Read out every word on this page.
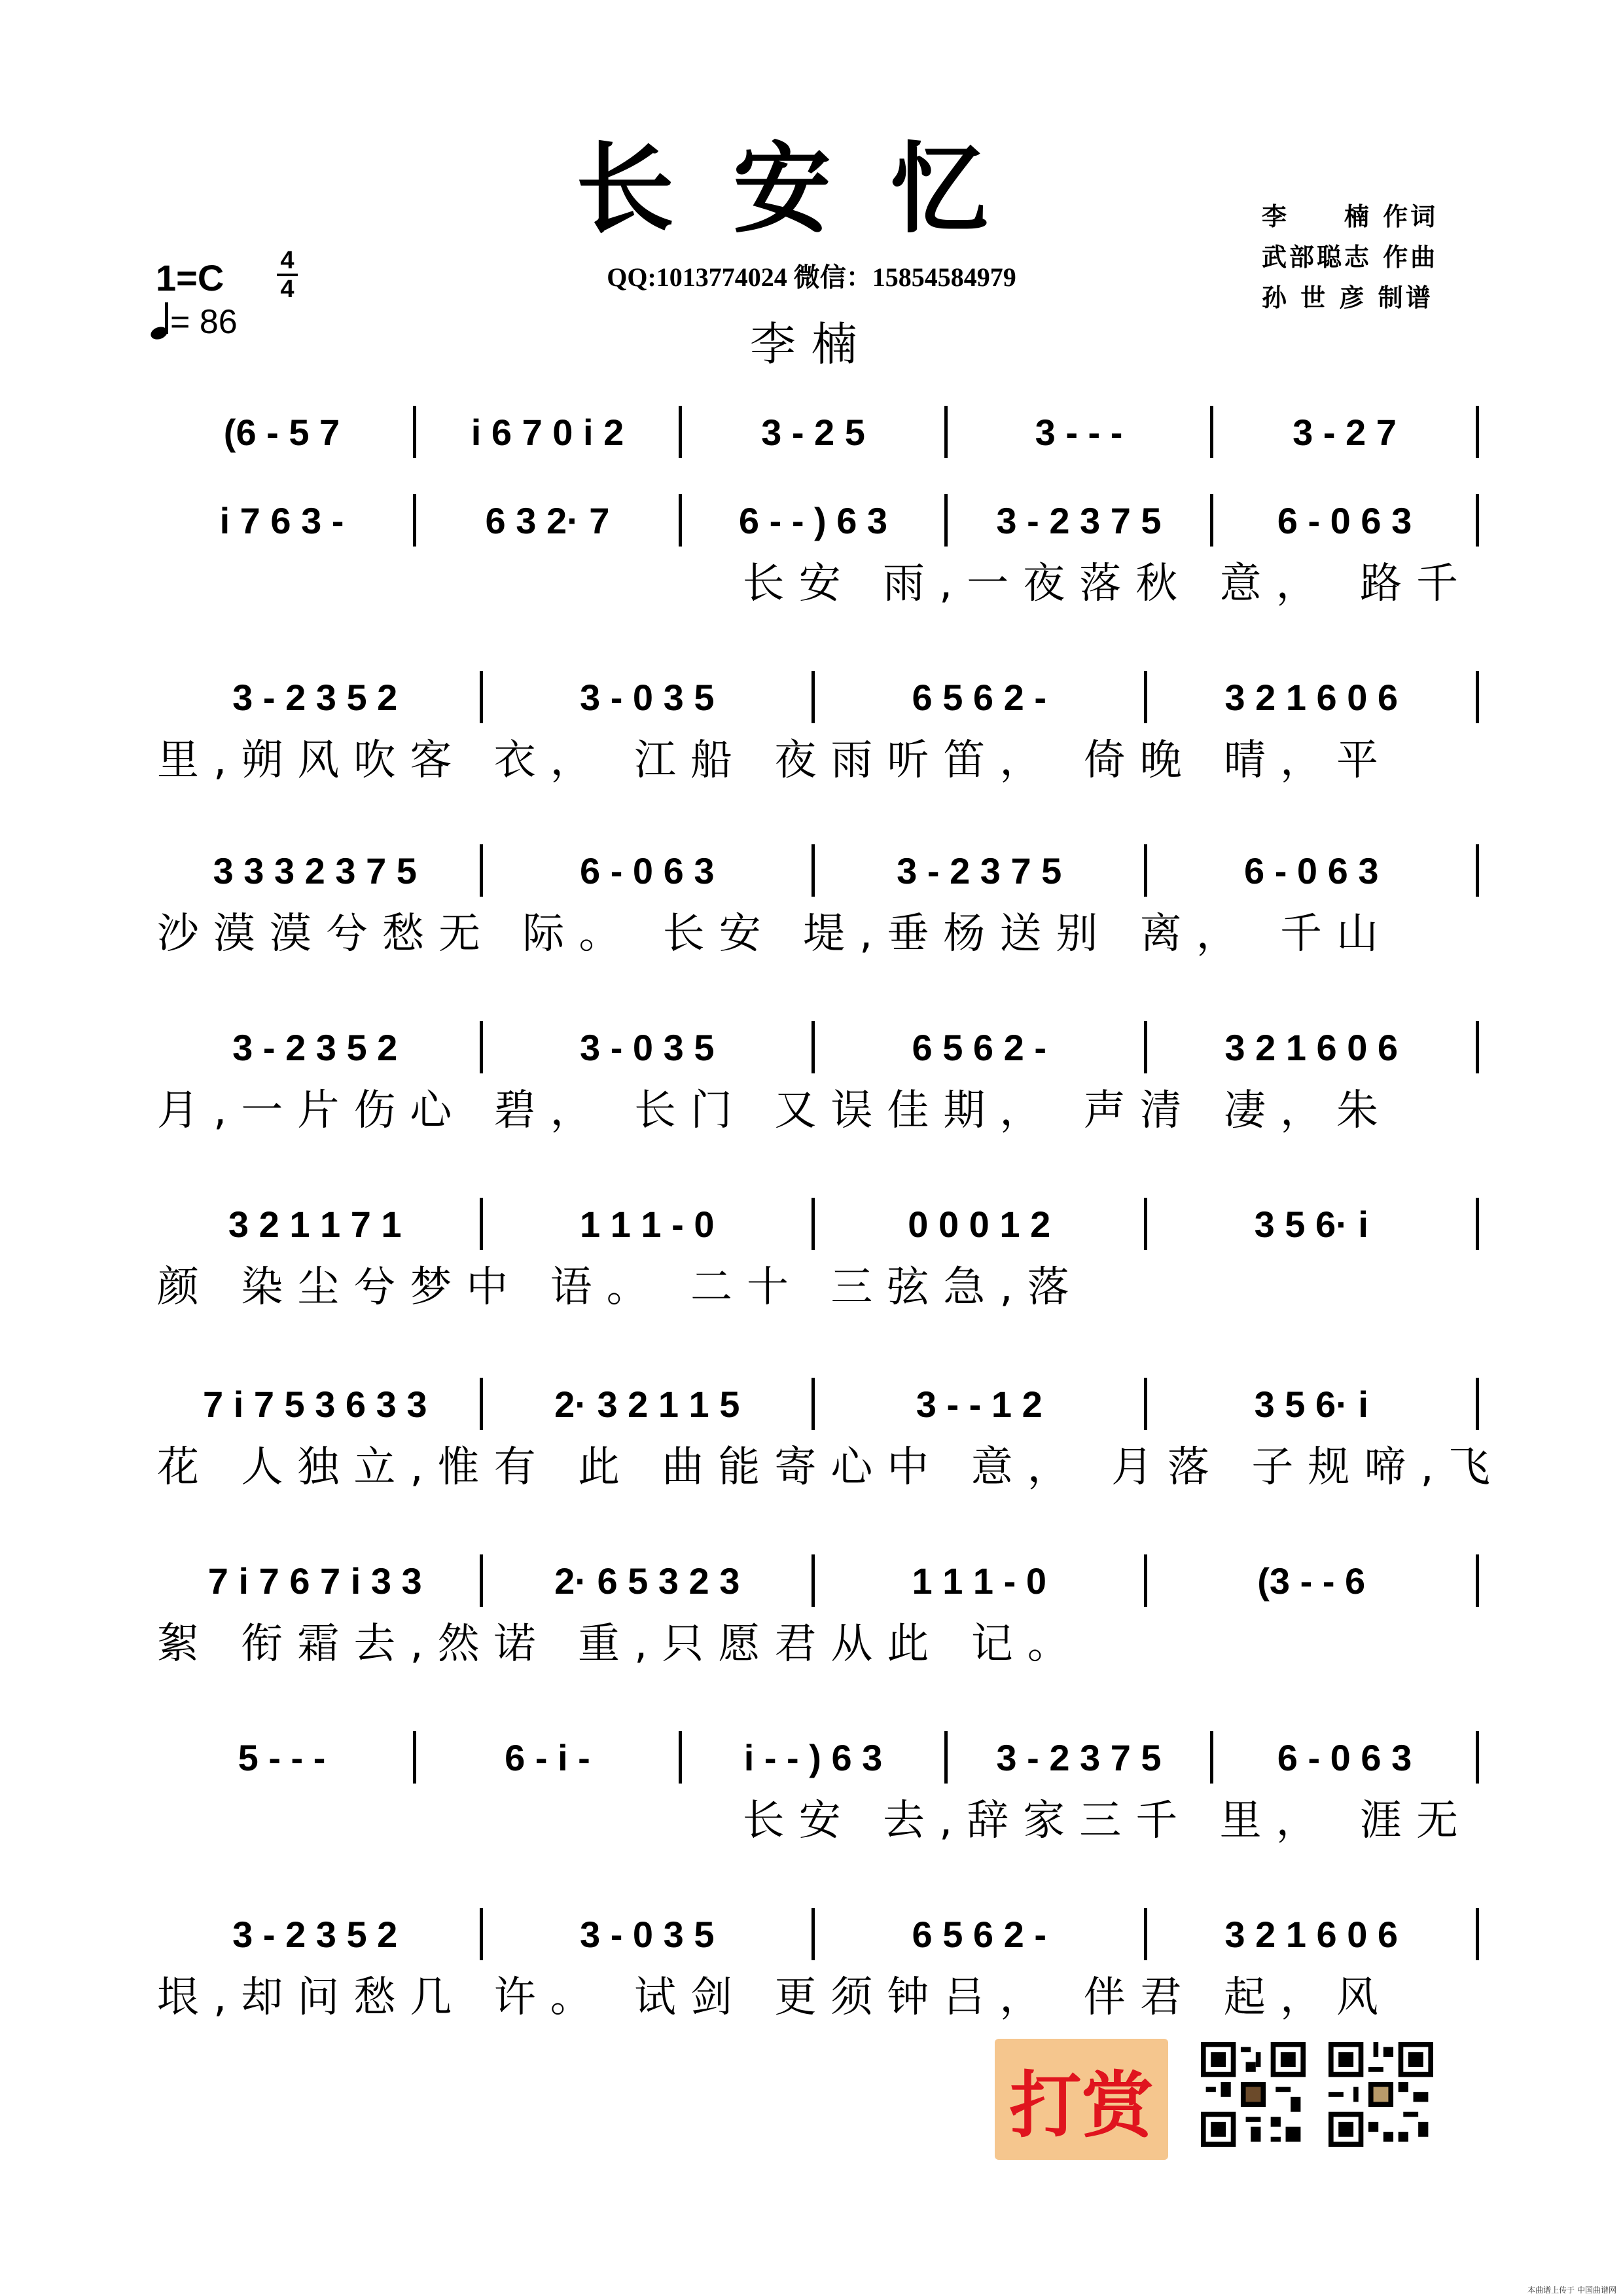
长安忆
QQ:1013774024 微信：15854584979
李楠
李　　楠 作词
武部聪志 作曲
孙 世 彦 制谱
1=C 4
4
= 86
(6 - 5 7	i 6 7 0 i 2	3 - 2 5	3 - - -	3 - 2 7
i 7 6 3 -	6 3 2· 7	6 - - ) 6 3	3 - 2 3 7 5	6 - 0 6 3
长安 雨,一夜落秋 意， 路千
3 - 2 3 5 2	3 - 0 3 5	6 5 6 2 -	3 2 1 6 0 6
里,朔风吹客 衣， 江船 夜雨听笛， 倚晚 晴，平
3 3 3 2 3 7 5	6 - 0 6 3	3 - 2 3 7 5	6 - 0 6 3
沙漠漠兮愁无 际。 长安 堤,垂杨送别 离， 千山
3 - 2 3 5 2	3 - 0 3 5	6 5 6 2 -	3 2 1 6 0 6
月,一片伤心 碧， 长门 又误佳期， 声清 凄，朱
3 2 1 1 7 1	1 1 1 - 0	0 0 0 1 2	3 5 6· i
颜 染尘兮梦中 语。 二十 三弦急,落
7 i 7 5 3 6 3 3	2· 3 2 1 1 5	3 - - 1 2	3 5 6· i
花 人独立,惟有 此 曲能寄心中 意， 月落 子规啼,飞
7 i 7 6 7 i 3 3	2· 6 5 3 2 3	1 1 1 - 0	(3 - - 6
絮 衔霜去,然诺 重,只愿君从此 记。
5 - - -	6 - i -	i - - ) 6 3	3 - 2 3 7 5	6 - 0 6 3
长安 去,辞家三千 里， 涯无
3 - 2 3 5 2	3 - 0 3 5	6 5 6 2 -	3 2 1 6 0 6
垠,却问愁几 许。 试剑 更须钟吕， 伴君 起，风
打赏
本曲谱上传于 中国曲谱网
